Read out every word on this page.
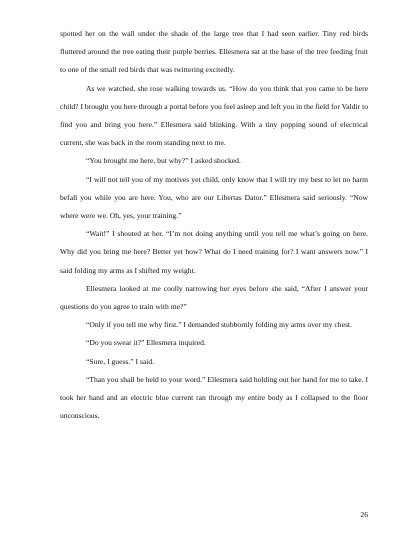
spotted her on the wall under the shade of the large tree that I had seen earlier. Tiny red birds fluttered around the tree eating their purple berries. Ellesmera sat at the base of the tree feeding fruit to one of the small red birds that was twittering excitedly.

As we watched, she rose walking towards us. “How do you think that you came to be here child? I brought you here through a portal before you feel asleep and left you in the field for Valdir to find you and bring you here.” Ellesmera said blinking. With a tiny popping sound of electrical current, she was back in the room standing next to me.

“You brought me here, but why?” I asked shocked.

“I will not tell you of my motives yet child, only know that I will try my best to let no harm befall you while you are here. You, who are our Libertas Dator.” Ellesmera said seriously. “Now where were we. Oh, yes, your training.”

“Wait!” I shouted at her. “I’m not doing anything until you tell me what’s going on here. Why did you bring me here? Better yet how? What do I need training for? I want answers now.” I said folding my arms as I shifted my weight.

Ellesmera looked at me coolly narrowing her eyes before she said, “After I answer your questions do you agree to train with me?”

“Only if you tell me why first.” I demanded stubbornly folding my arms over my chest.

“Do you swear it?” Ellesmera inquired.

“Sure, I guess.” I said.

“Than you shall be held to your word.” Ellesmera said holding out her hand for me to take. I took her hand and an electric blue current ran through my entire body as I collapsed to the floor unconscious.

26
